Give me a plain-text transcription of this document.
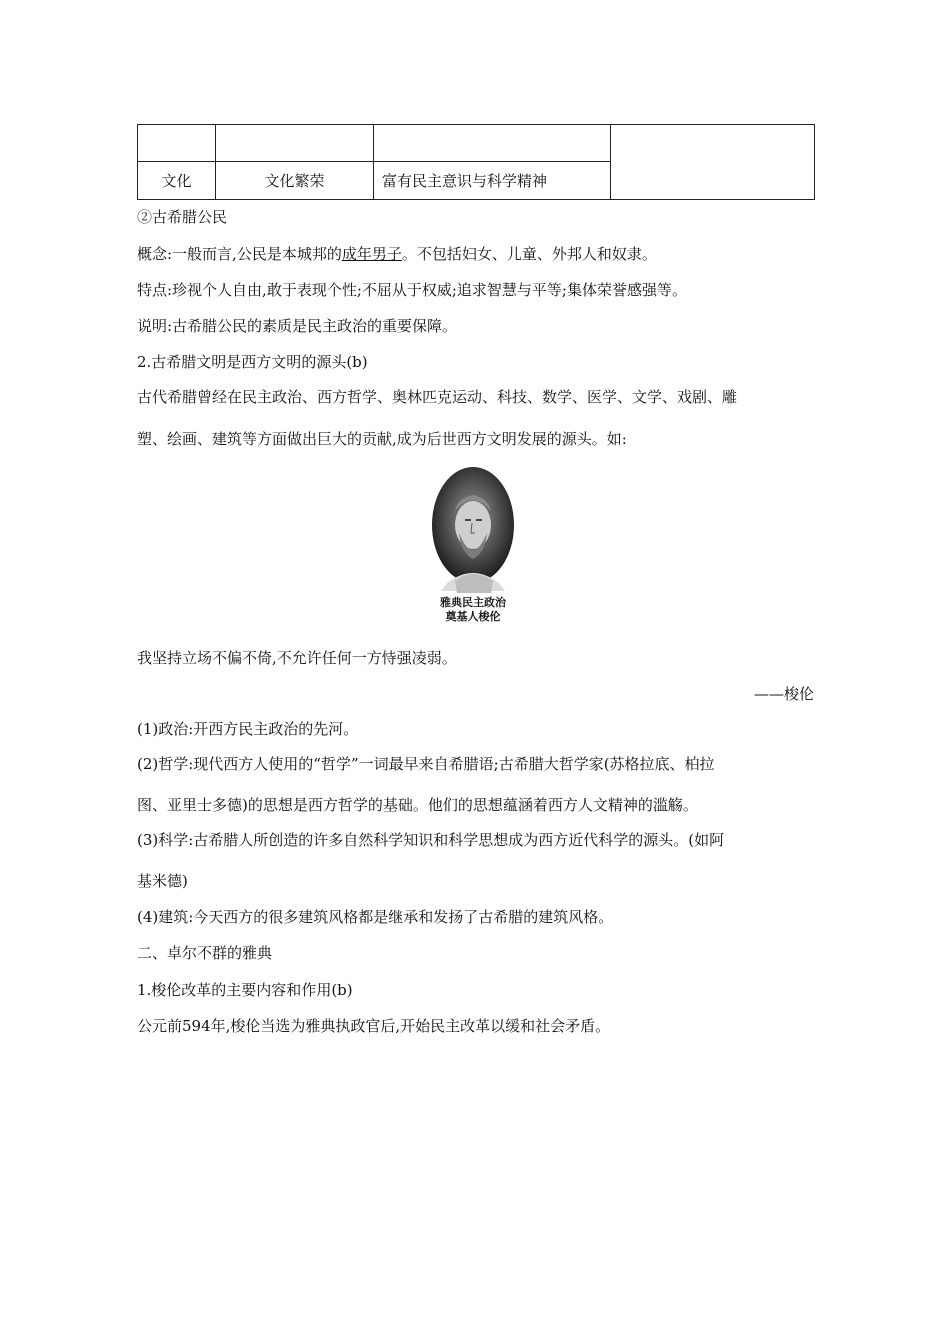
文化	文化繁荣	富有民主意识与科学精神	
②古希腊公民
概念:一般而言,公民是本城邦的成年男子。不包括妇女、儿童、外邦人和奴隶。
特点:珍视个人自由,敢于表现个性;不屈从于权威;追求智慧与平等;集体荣誉感强等。
说明:古希腊公民的素质是民主政治的重要保障。
2.古希腊文明是西方文明的源头(b)
古代希腊曾经在民主政治、西方哲学、奥林匹克运动、科技、数学、医学、文学、戏剧、雕
塑、绘画、建筑等方面做出巨大的贡献,成为后世西方文明发展的源头。如:
雅典民主政治
奠基人梭伦
我坚持立场不偏不倚,不允许任何一方恃强凌弱。
——梭伦
(1)政治:开西方民主政治的先河。
(2)哲学:现代西方人使用的“哲学”一词最早来自希腊语;古希腊大哲学家(苏格拉底、柏拉
图、亚里士多德)的思想是西方哲学的基础。他们的思想蕴涵着西方人文精神的滥觞。
(3)科学:古希腊人所创造的许多自然科学知识和科学思想成为西方近代科学的源头。(如阿
基米德)
(4)建筑:今天西方的很多建筑风格都是继承和发扬了古希腊的建筑风格。
二、卓尔不群的雅典
1.梭伦改革的主要内容和作用(b)
公元前594年,梭伦当选为雅典执政官后,开始民主改革以缓和社会矛盾。
